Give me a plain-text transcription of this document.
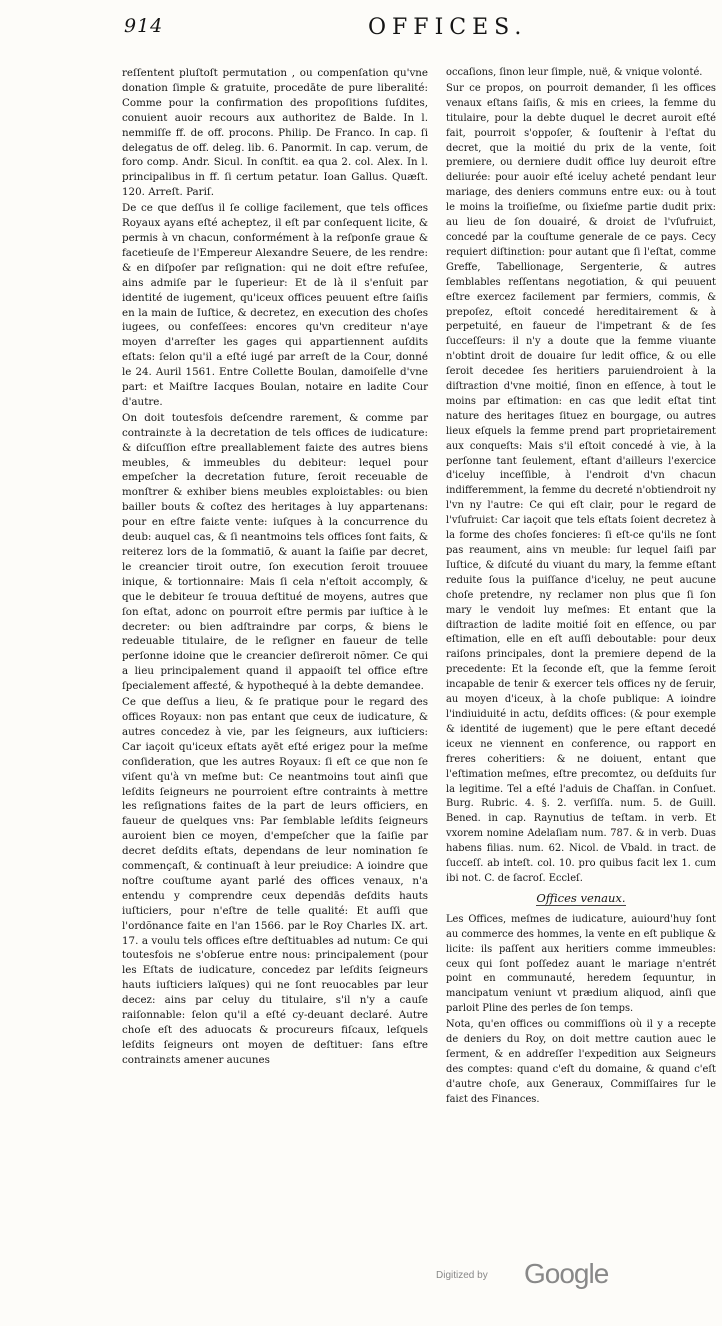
914	OFFICES.

reſſentent pluſtoſt permutation , ou compenſation qu'vne donation ſimple & gratuite, procedāte de pure liberalité: Comme pour la confirmation des propoſitions ſuſdites, conuient auoir recours aux authoritez de Balde. In l. nemmiſſe ff. de off. procons. Philip. De Franco. In cap. ſi delegatus de off. deleg. lib. 6. Panormit. In cap. verum, de foro comp. Andr. Sicul. In conſtit. ea qua 2. col. Alex. In l. principalibus in ff. ſi certum petatur. Ioan Gallus. Quæſt. 120. Arreſt. Pariſ.

De ce que deſſus il ſe collige facilement, que tels offices Royaux ayans eſté acheptez, il eſt par conſequent licite, & permis à vn chacun, conformément à la reſponſe graue & facetieuſe de l'Empereur Alexandre Seuere, de les rendre: & en diſpoſer par reſignation: qui ne doit eſtre refuſee, ains admiſe par le ſuperieur: Et de là il s'enſuit par identité de iugement, qu'iceux offices peuuent eſtre ſaiſis en la main de Iuſtice, & decretez, en execution des choſes iugees, ou confeſſees: encores qu'vn crediteur n'aye moyen d'arreſter les gages qui appartiennent auſdits eſtats: ſelon qu'il a eſté iugé par arreſt de la Cour, donné le 24. Auril 1561. Entre Collette Boulan, damoiſelle d'vne part: et Maiſtre Iacques Boulan, notaire en ladite Cour d'autre.

On doit toutesfois deſcendre rarement, & comme par contrainɛte à la decretation de tels offices de iudicature: & diſcuſſion eſtre preallablement faiɛte des autres biens meubles, & immeubles du debiteur: lequel pour empeſcher la decretation future, ſeroit receuable de monſtrer & exhiber biens meubles exploiɛtables: ou bien bailler bouts & coſtez des heritages à luy appartenans: pour en eſtre faiɛte vente: iuſques à la concurrence du deub: auquel cas, & ſi neantmoins tels offices ſont faits, & reiterez lors de la ſommatiõ, & auant la ſaiſie par decret, le creancier tiroit outre, ſon execution ſeroit trouuee inique, & tortionnaire: Mais ſi cela n'eſtoit accomply, & que le debiteur ſe trouua deſtitué de moyens, autres que ſon eſtat, adonc on pourroit eſtre permis par iuſtice à le decreter: ou bien adſtraindre par corps, & biens le redeuable titulaire, de le reſigner en faueur de telle perſonne idoine que le creancier deſireroit nõmer. Ce qui a lieu principalement quand il appaoiſt tel office eſtre ſpecialement affeɛté, & hypothequé à la debte demandee.

Ce que deſſus a lieu, & ſe pratique pour le regard des offices Royaux: non pas entant que ceux de iudicature, & autres concedez à vie, par les ſeigneurs, aux iuſticiers: Car iaçoit qu'iceux eſtats ayēt eſté erigez pour la meſme conſideration, que les autres Royaux: ſi eſt ce que non ſe viſent qu'à vn meſme but: Ce neantmoins tout ainſi que leſdits ſeigneurs ne pourroient eſtre contraints à mettre les reſignations faites de la part de leurs officiers, en faueur de quelques vns: Par ſemblable leſdits ſeigneurs auroient bien ce moyen, d'empeſcher que la ſaiſie par decret deſdits eſtats, dependans de leur nomination ſe commençaſt, & continuaſt à leur preiudice: A ioindre que noſtre couſtume ayant parlé des offices venaux, n'a entendu y comprendre ceux dependās deſdits hauts iuſticiers, pour n'eſtre de telle qualité: Et auſſi que l'ordõnance faite en l'an 1566. par le Roy Charles IX. art. 17. a voulu tels offices eſtre deſtituables ad nutum: Ce qui toutesfois ne s'obſerue entre nous: principalement (pour les Eſtats de iudicature, concedez par leſdits ſeigneurs hauts iuſticiers laïques) qui ne ſont reuocables par leur decez: ains par celuy du titulaire, s'il n'y a cauſe raiſonnable: ſelon qu'il a eſté cy-deuant declaré. Autre choſe eſt des aduocats & procureurs fiſcaux, leſquels leſdits ſeigneurs ont moyen de deſtituer: ſans eſtre contrainɛts amener aucunes

occaſions, ſinon leur ſimple, nuë, & vnique volonté.

Sur ce propos, on pourroit demander, ſi les offices venaux eſtans ſaiſis, & mis en criees, la femme du titulaire, pour la debte duquel le decret auroit eſté fait, pourroit s'oppoſer, & ſouſtenir à l'eſtat du decret, que la moitié du prix de la vente, ſoit premiere, ou derniere dudit office luy deuroit eſtre deliurée: pour auoir eſté iceluy acheté pendant leur mariage, des deniers communs entre eux: ou à tout le moins la troiſieſme, ou ſixieſme partie dudit prix: au lieu de ſon douairé, & droiɛt de l'vſufruiɛt, concedé par la couſtume generale de ce pays. Cecy requiert diſtinɛtion: pour autant que ſi l'eſtat, comme Greffe, Tabellionage, Sergenterie, & autres ſemblables reſſentans negotiation, & qui peuuent eſtre exercez facilement par fermiers, commis, & prepoſez, eſtoit concedé hereditairement & à perpetuité, en faueur de l'impetrant & de ſes ſucceſſeurs: il n'y a doute que la femme viuante n'obtint droit de douaire ſur ledit office, & ou elle ſeroit decedee ſes heritiers paruiendroient à la diſtraɛtion d'vne moitié, ſinon en eſſence, à tout le moins par eſtimation: en cas que ledit eſtat tint nature des heritages ſituez en bourgage, ou autres lieux eſquels la femme prend part proprietairement aux conqueſts: Mais s'il eſtoit concedé à vie, à la perſonne tant ſeulement, eſtant d'ailleurs l'exercice d'iceluy inceſſible, à l'endroit d'vn chacun indifferemment, la femme du decreté n'obtiendroit ny l'vn ny l'autre: Ce qui eſt clair, pour le regard de l'vſufruiɛt: Car iaçoit que tels eſtats ſoient decretez à la forme des choſes foncieres: ſi eſt-ce qu'ils ne ſont pas reaument, ains vn meuble: ſur lequel ſaiſi par Iuſtice, & diſcuté du viuant du mary, la femme eſtant reduite ſous la puiſſance d'iceluy, ne peut aucune choſe pretendre, ny reclamer non plus que ſi ſon mary le vendoit luy meſmes: Et entant que la diſtraɛtion de ladite moitié ſoit en eſſence, ou par eſtimation, elle en eſt auſſi deboutable: pour deux raiſons principales, dont la premiere depend de la precedente: Et la ſeconde eſt, que la femme ſeroit incapable de tenir & exercer tels offices ny de ſeruir, au moyen d'iceux, à la choſe publique: A ioindre l'indiuiduité in actu, deſdits offices: (& pour exemple & identité de iugement) que le pere eſtant decedé iceux ne viennent en conference, ou rapport en freres coheritiers: & ne doiuent, entant que l'eſtimation meſmes, eſtre precomtez, ou deſduits ſur la legitime. Tel a eſté l'aduis de Chaſſan. in Conſuet. Burg. Rubric. 4. §. 2. verſiſſa. num. 5. de Guill. Bened. in cap. Raynutius de teſtam. in verb. Et vxorem nomine Adelaſiam num. 787. & in verb. Duas habens filias. num. 62. Nicol. de Vbald. in tract. de ſucceſſ. ab inteſt. col. 10. pro quibus facit lex 1. cum ibi not. C. de ſacroſ. Eccleſ.

Offices venaux.

Les Offices, meſmes de iudicature, auiourd'huy ſont au commerce des hommes, la vente en eſt publique & licite: ils paſſent aux heritiers comme immeubles: ceux qui ſont poſſedez auant le mariage n'entrét point en communauté, heredem ſequuntur, in mancipatum veniunt vt prædium aliquod, ainſi que parloit Pline des perles de ſon temps.

Nota, qu'en offices ou commiſſions où il y a recepte de deniers du Roy, on doit mettre caution auec le ſerment, & en addreſſer l'expedition aux Seigneurs des comptes: quand c'eſt du domaine, & quand c'eſt d'autre choſe, aux Generaux, Commiſſaires ſur le faiɛt des Finances.

Digitized by Google
